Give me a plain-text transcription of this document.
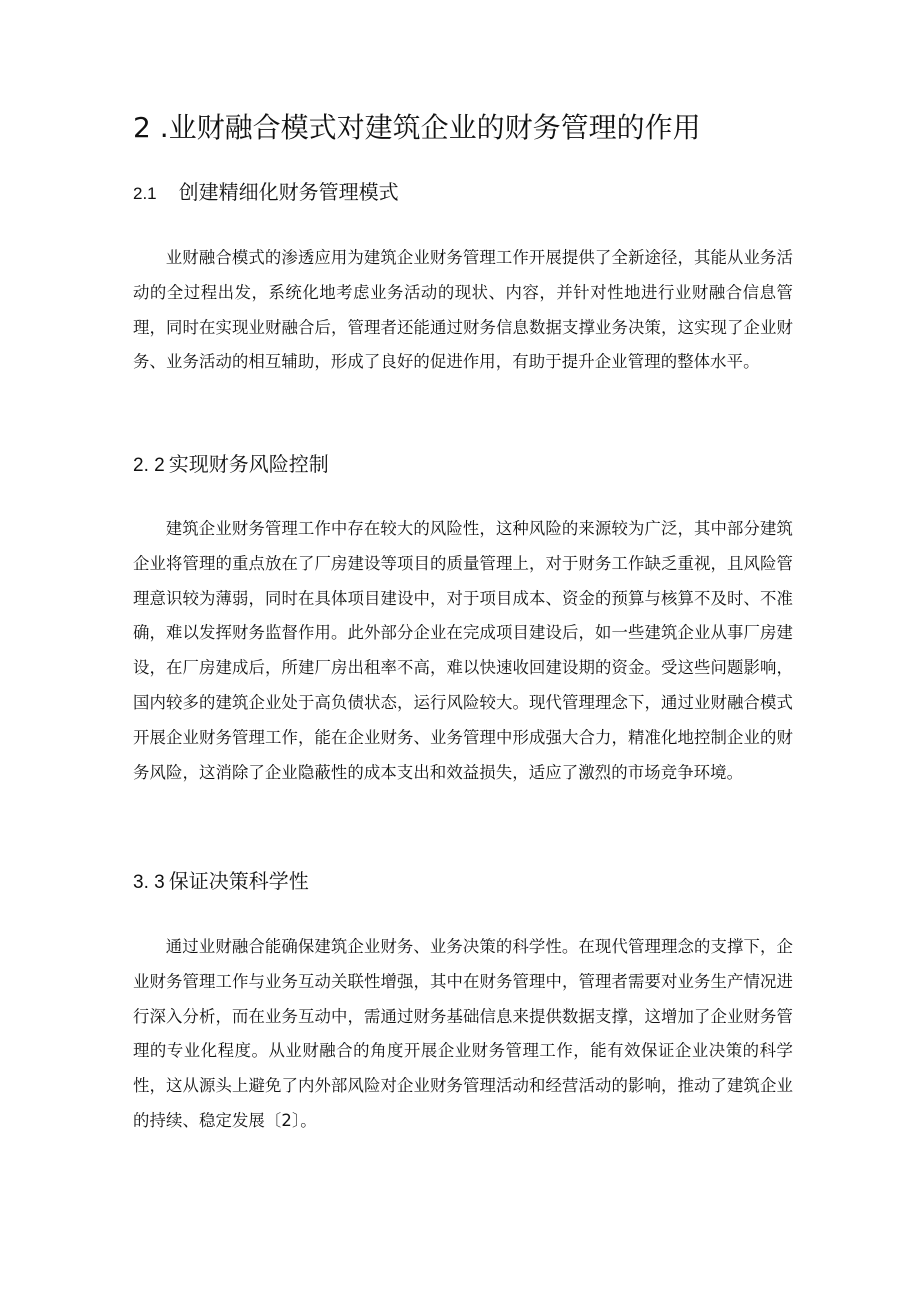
2 .业财融合模式对建筑企业的财务管理的作用
2.1 创建精细化财务管理模式

业财融合模式的渗透应用为建筑企业财务管理工作开展提供了全新途径，其能从业务活动的全过程出发，系统化地考虑业务活动的现状、内容，并针对性地进行业财融合信息管理，同时在实现业财融合后，管理者还能通过财务信息数据支撑业务决策，这实现了企业财务、业务活动的相互辅助，形成了良好的促进作用，有助于提升企业管理的整体水平。

2. 2 实现财务风险控制

建筑企业财务管理工作中存在较大的风险性，这种风险的来源较为广泛，其中部分建筑企业将管理的重点放在了厂房建设等项目的质量管理上，对于财务工作缺乏重视，且风险管理意识较为薄弱，同时在具体项目建设中，对于项目成本、资金的预算与核算不及时、不准确，难以发挥财务监督作用。此外部分企业在完成项目建设后，如一些建筑企业从事厂房建设，在厂房建成后，所建厂房出租率不高，难以快速收回建设期的资金。受这些问题影响，国内较多的建筑企业处于高负债状态，运行风险较大。现代管理理念下，通过业财融合模式开展企业财务管理工作，能在企业财务、业务管理中形成强大合力，精准化地控制企业的财务风险，这消除了企业隐蔽性的成本支出和效益损失，适应了激烈的市场竞争环境。

3. 3 保证决策科学性

通过业财融合能确保建筑企业财务、业务决策的科学性。在现代管理理念的支撑下，企业财务管理工作与业务互动关联性增强，其中在财务管理中，管理者需要对业务生产情况进行深入分析，而在业务互动中，需通过财务基础信息来提供数据支撑，这增加了企业财务管理的专业化程度。从业财融合的角度开展企业财务管理工作，能有效保证企业决策的科学性，这从源头上避免了内外部风险对企业财务管理活动和经营活动的影响，推动了建筑企业的持续、稳定发展〔2〕。
